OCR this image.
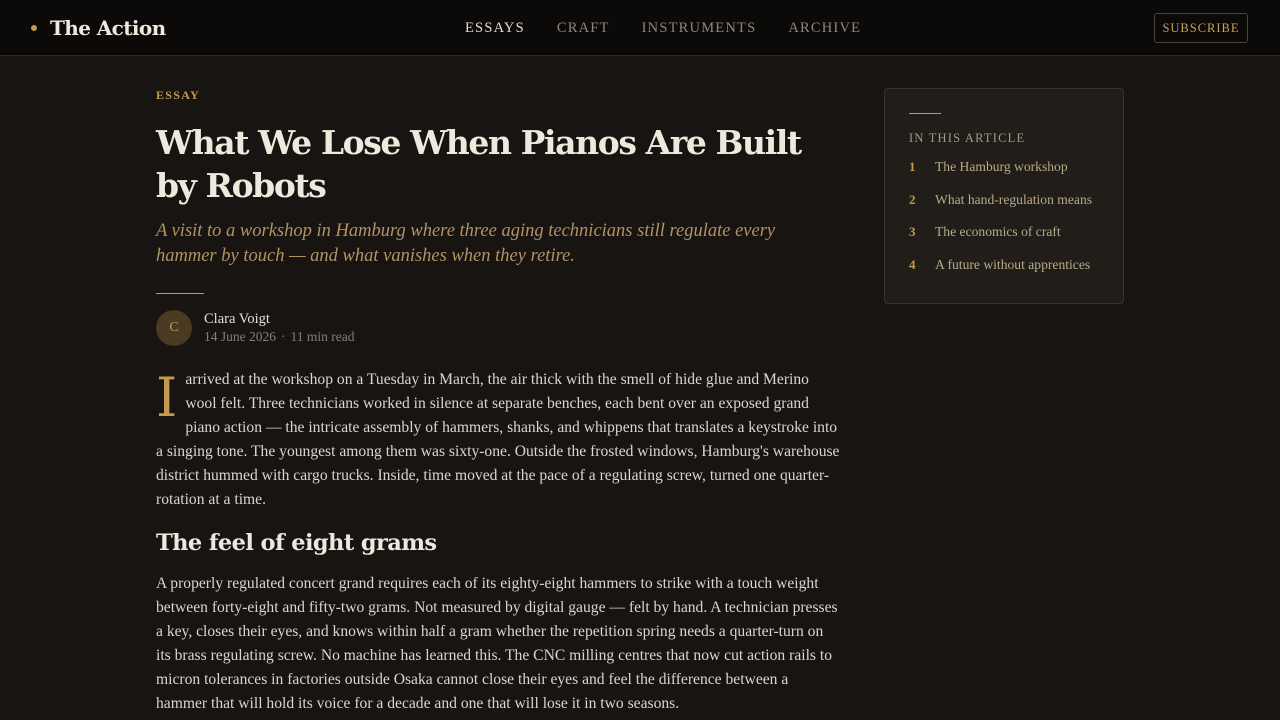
The Action	ESSAYS CRAFT INSTRUMENTS ARCHIVE	SUBSCRIBE
ESSAY
What We Lose When Pianos Are Built by Robots

A visit to a workshop in Hamburg where three aging technicians still regulate every hammer by touch — and what vanishes when they retire.

C
Clara Voigt
14 June 2026 · 11 min read

Iarrived at the workshop on a Tuesday in March, the air thick with the smell of hide glue and Merino wool felt. Three technicians worked in silence at separate benches, each bent over an exposed grand piano action — the intricate assembly of hammers, shanks, and whippens that translates a keystroke into a singing tone. The youngest among them was sixty-one. Outside the frosted windows, Hamburg's warehouse district hummed with cargo trucks. Inside, time moved at the pace of a regulating screw, turned one quarter-rotation at a time.

The feel of eight grams

A properly regulated concert grand requires each of its eighty-eight hammers to strike with a touch weight between forty-eight and fifty-two grams. Not measured by digital gauge — felt by hand. A technician presses a key, closes their eyes, and knows within half a gram whether the repetition spring needs a quarter-turn on its brass regulating screw. No machine has learned this. The CNC milling centres that now cut action rails to micron tolerances in factories outside Osaka cannot close their eyes and feel the difference between a hammer that will hold its voice for a decade and one that will lose it in two seasons.

IN THIS ARTICLE
1	The Hamburg workshop
2	What hand-regulation means
3	The economics of craft
4	A future without apprentices
